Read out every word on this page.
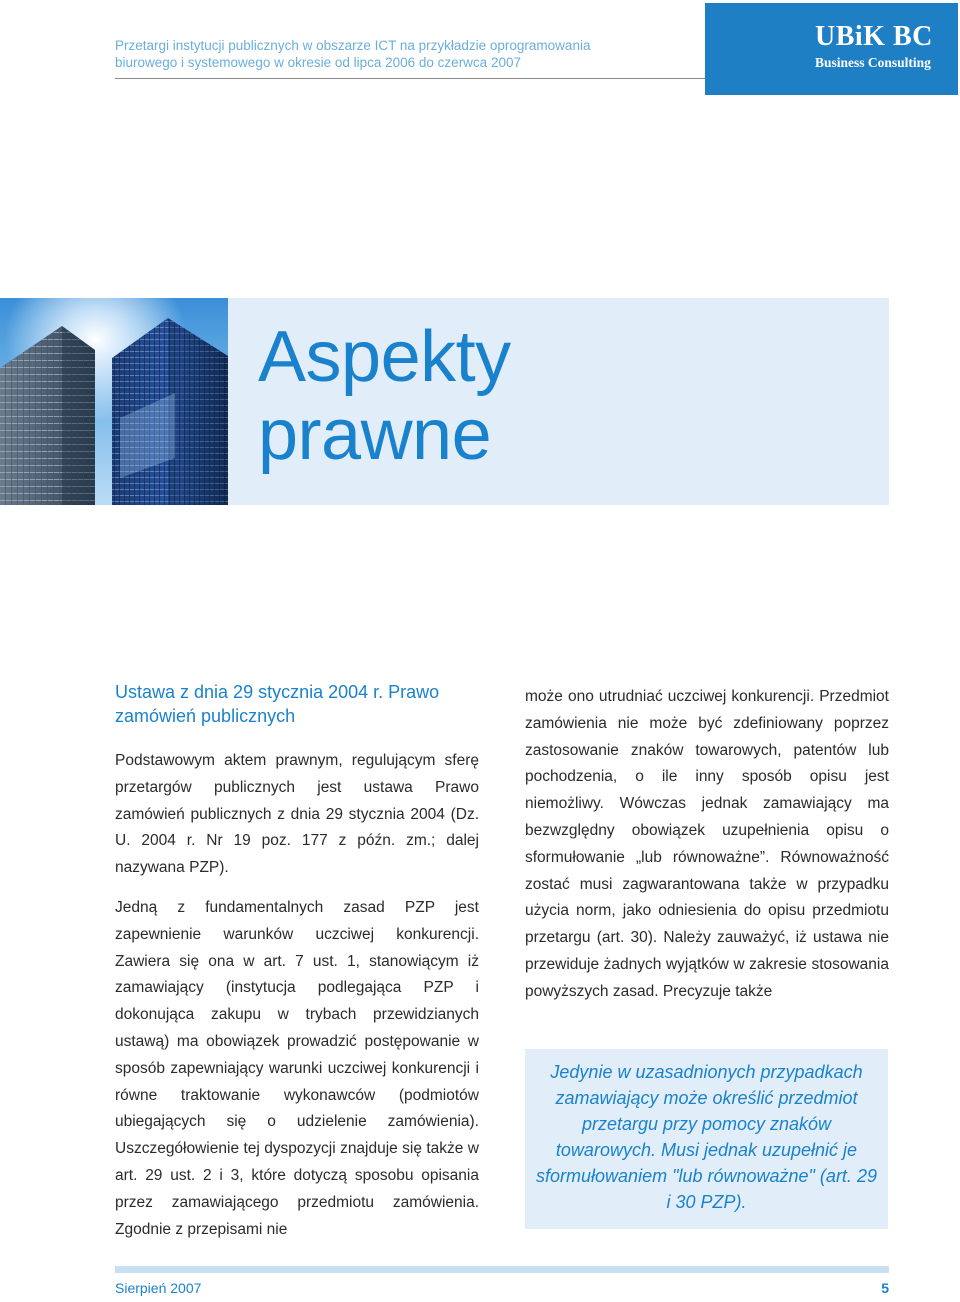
Przetargi instytucji publicznych w obszarze ICT na przykładzie oprogramowania
biurowego i systemowego w okresie od lipca 2006 do czerwca 2007
UBiK BC
Business Consulting
Aspekty
prawne
Ustawa z dnia 29 stycznia 2004 r. Prawo zamówień publicznych

Podstawowym aktem prawnym, regulującym sferę przetargów publicznych jest ustawa Prawo zamówień publicznych z dnia 29 stycznia 2004 (Dz. U. 2004 r. Nr 19 poz. 177 z późn. zm.; dalej nazywana PZP).

Jedną z fundamentalnych zasad PZP jest zapewnienie warunków uczciwej konkurencji. Zawiera się ona w art. 7 ust. 1, stanowiącym iż zamawiający (instytucja podlegająca PZP i dokonująca zakupu w trybach przewidzianych ustawą) ma obowiązek prowadzić postępowanie w sposób zapewniający warunki uczciwej konkurencji i równe traktowanie wykonawców (podmiotów ubiegających się o udzielenie zamówienia). Uszczegółowienie tej dyspozycji znajduje się także w art. 29 ust. 2 i 3, które dotyczą sposobu opisania przez zamawiającego przedmiotu zamówienia. Zgodnie z przepisami nie

może ono utrudniać uczciwej konkurencji. Przedmiot zamówienia nie może być zdefiniowany poprzez zastosowanie znaków towarowych, patentów lub pochodzenia, o ile inny sposób opisu jest niemożliwy. Wówczas jednak zamawiający ma bezwzględny obowiązek uzupełnienia opisu o sformułowanie „lub równoważne”. Równoważność zostać musi zagwarantowana także w przypadku użycia norm, jako odniesienia do opisu przedmiotu przetargu (art. 30). Należy zauważyć, iż ustawa nie przewiduje żadnych wyjątków w zakresie stosowania powyższych zasad. Precyzuje także

Jedynie w uzasadnionych przypadkach zamawiający może określić przedmiot przetargu przy pomocy znaków towarowych. Musi jednak uzupełnić je sformułowaniem "lub równoważne" (art. 29 i 30 PZP).
Sierpień 2007	5
